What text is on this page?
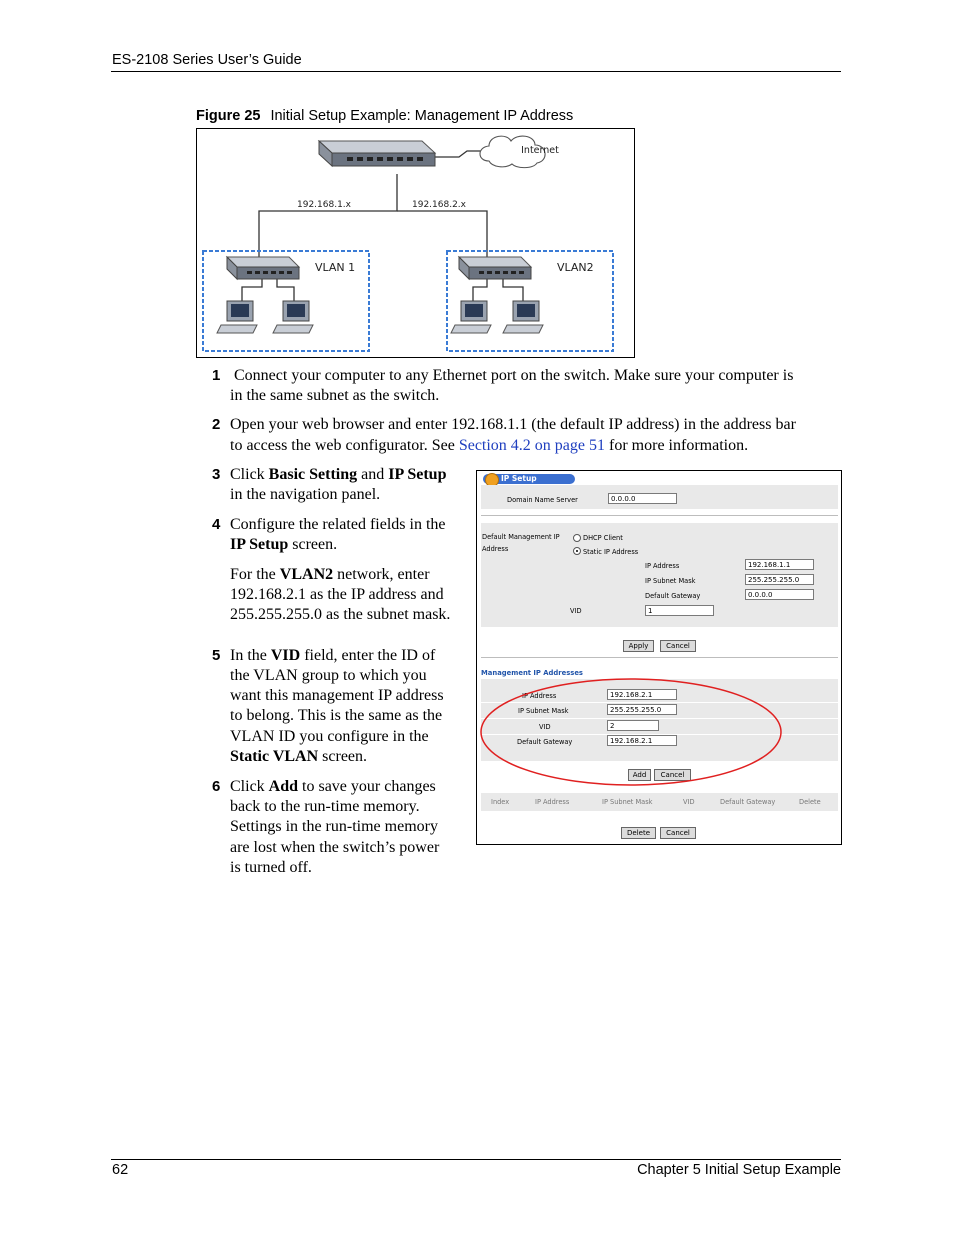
ES-2108 Series User’s Guide
Figure 25 Initial Setup Example: Management IP Address
Internet
192.168.1.x	192.168.2.x
VLAN 1	VLAN2
1 Connect your computer to any Ethernet port on the switch. Make sure your computer is
in the same subnet as the switch.
2 Open your web browser and enter 192.168.1.1 (the default IP address) in the address bar
to access the web configurator. See Section 4.2 on page 51 for more information.
3 Click Basic Setting and IP Setup
in the navigation panel.
4 Configure the related fields in the
IP Setup screen.
For the VLAN2 network, enter
192.168.2.1 as the IP address and
255.255.255.0 as the subnet mask.
5 In the VID field, enter the ID of
the VLAN group to which you
want this management IP address
to belong. This is the same as the
VLAN ID you configure in the
Static VLAN screen.
6 Click Add to save your changes
back to the run-time memory.
Settings in the run-time memory
are lost when the switch’s power
is turned off.
IP Setup
Domain Name Server	0.0.0.0
Default Management IP
Address
DHCP Client
Static IP Address
IP Address	192.168.1.1
IP Subnet Mask	255.255.255.0
Default Gateway	0.0.0.0
VID	1
Apply	Cancel
Management IP Addresses
IP Address	192.168.2.1
IP Subnet Mask	255.255.255.0
VID	2
Default Gateway	192.168.2.1
Add	Cancel
Index	IP Address	IP Subnet Mask	VID	Default Gateway	Delete
Delete	Cancel
62	Chapter 5 Initial Setup Example
